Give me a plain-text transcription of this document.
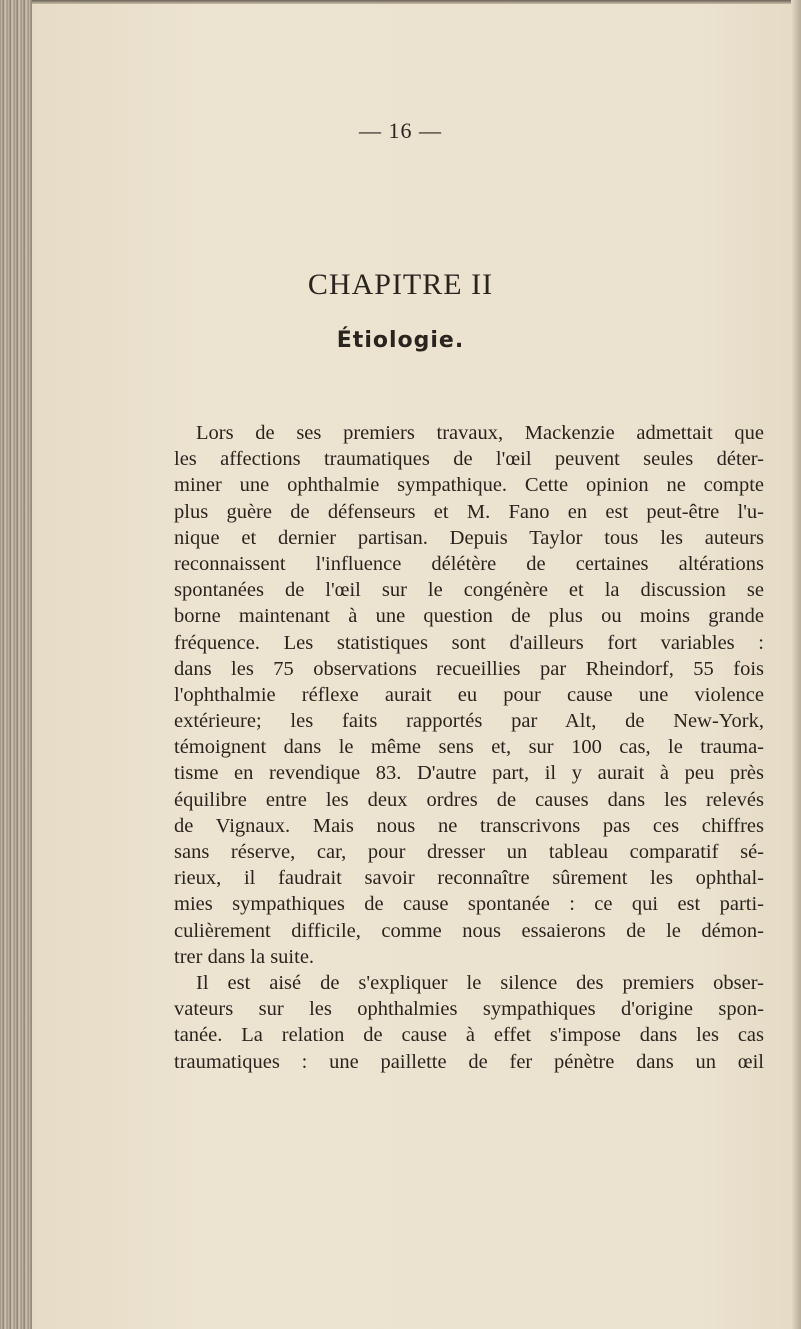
— 16 —
CHAPITRE II
Étiologie.
Lors de ses premiers travaux, Mackenzie admettait que
les affections traumatiques de l'œil peuvent seules déter-
miner une ophthalmie sympathique. Cette opinion ne compte
plus guère de défenseurs et M. Fano en est peut-être l'u-
nique et dernier partisan. Depuis Taylor tous les auteurs
reconnaissent l'influence délétère de certaines altérations
spontanées de l'œil sur le congénère et la discussion se
borne maintenant à une question de plus ou moins grande
fréquence. Les statistiques sont d'ailleurs fort variables :
dans les 75 observations recueillies par Rheindorf, 55 fois
l'ophthalmie réflexe aurait eu pour cause une violence
extérieure; les faits rapportés par Alt, de New-York,
témoignent dans le même sens et, sur 100 cas, le trauma-
tisme en revendique 83. D'autre part, il y aurait à peu près
équilibre entre les deux ordres de causes dans les relevés
de Vignaux. Mais nous ne transcrivons pas ces chiffres
sans réserve, car, pour dresser un tableau comparatif sé-
rieux, il faudrait savoir reconnaître sûrement les ophthal-
mies sympathiques de cause spontanée : ce qui est parti-
culièrement difficile, comme nous essaierons de le démon-
trer dans la suite.
Il est aisé de s'expliquer le silence des premiers obser-
vateurs sur les ophthalmies sympathiques d'origine spon-
tanée. La relation de cause à effet s'impose dans les cas
traumatiques : une paillette de fer pénètre dans un œil
